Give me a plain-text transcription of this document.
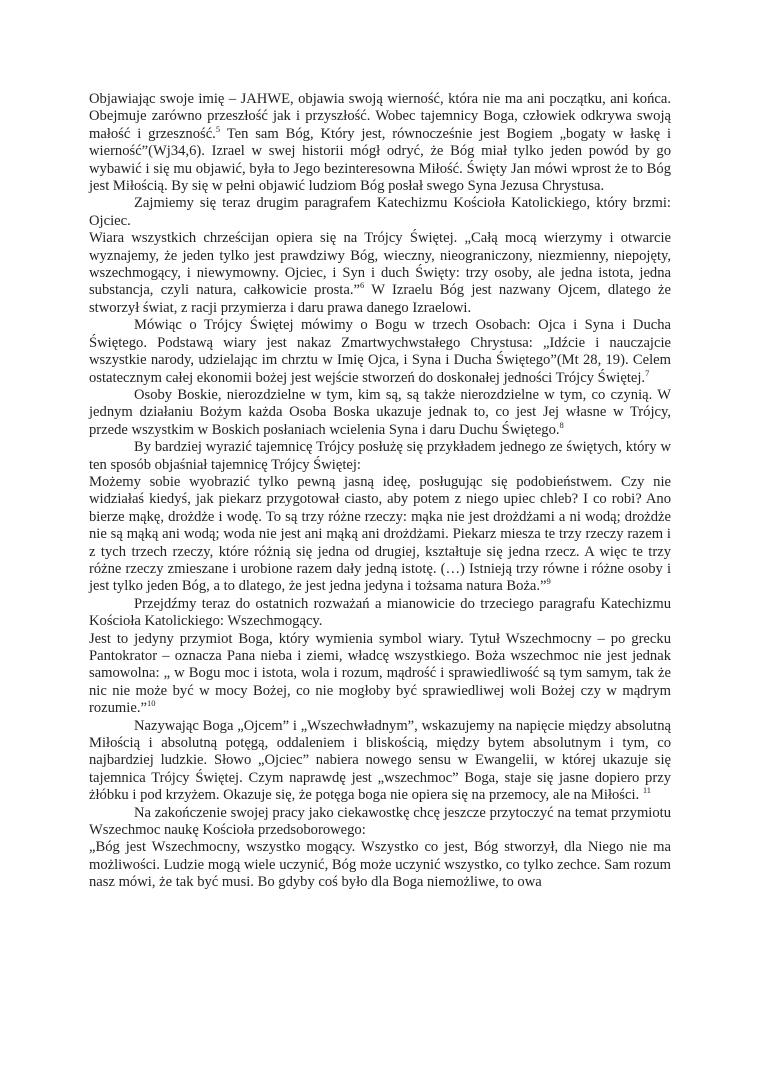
Objawiając swoje imię – JAHWE, objawia swoją wierność, która nie ma ani początku, ani końca. Obejmuje zarówno przeszłość jak i przyszłość. Wobec tajemnicy Boga, człowiek odkrywa swoją małość i grzeszność.$^5$ Ten sam Bóg, Który jest, równocześnie jest Bogiem „bogaty w łaskę i wierność”(Wj34,6). Izrael w swej historii mógł odryć, że Bóg miał tylko jeden powód by go wybawić i się mu objawić, była to Jego bezinteresowna Miłość. Święty Jan mówi wprost że to Bóg jest Miłością. By się w pełni objawić ludziom Bóg posłał swego Syna Jezusa Chrystusa.

Zajmiemy się teraz drugim paragrafem Katechizmu Kościoła Katolickiego, który brzmi: Ojciec.

Wiara wszystkich chrześcijan opiera się na Trójcy Świętej. „Całą mocą wierzymy i otwarcie wyznajemy, że jeden tylko jest prawdziwy Bóg, wieczny, nieograniczony, niezmienny, niepojęty, wszechmogący, i niewymowny. Ojciec, i Syn i duch Święty: trzy osoby, ale jedna istota, jedna substancja, czyli natura, całkowicie prosta.”$^6$ W Izraelu Bóg jest nazwany Ojcem, dlatego że stworzył świat, z racji przymierza i daru prawa danego Izraelowi.

Mówiąc o Trójcy Świętej mówimy o Bogu w trzech Osobach: Ojca i Syna i Ducha Świętego. Podstawą wiary jest nakaz Zmartwychwstałego Chrystusa: „Idźcie i nauczajcie wszystkie narody, udzielając im chrztu w Imię Ojca, i Syna i Ducha Świętego”(Mt 28, 19). Celem ostatecznym całej ekonomii bożej jest wejście stworzeń do doskonałej jedności Trójcy Świętej.$^7$

Osoby Boskie, nierozdzielne w tym, kim są, są także nierozdzielne w tym, co czynią. W jednym działaniu Bożym każda Osoba Boska ukazuje jednak to, co jest Jej własne w Trójcy, przede wszystkim w Boskich posłaniach wcielenia Syna i daru Duchu Świętego.$^8$

By bardziej wyrazić tajemnicę Trójcy posłużę się przykładem jednego ze świętych, który w ten sposób objaśniał tajemnicę Trójcy Świętej:

Możemy sobie wyobrazić tylko pewną jasną ideę, posługując się podobieństwem. Czy nie widziałaś kiedyś, jak piekarz przygotował ciasto, aby potem z niego upiec chleb? I co robi? Ano bierze mąkę, drożdże i wodę. To są trzy różne rzeczy: mąka nie jest drożdżami a ni wodą; drożdże nie są mąką ani wodą; woda nie jest ani mąką ani drożdżami. Piekarz miesza te trzy rzeczy razem i z tych trzech rzeczy, które różnią się jedna od drugiej, kształtuje się jedna rzecz. A więc te trzy różne rzeczy zmieszane i urobione razem dały jedną istotę. (…) Istnieją trzy równe i różne osoby i jest tylko jeden Bóg, a to dlatego, że jest jedna jedyna i tożsama natura Boża.”$^9$

Przejdźmy teraz do ostatnich rozważań a mianowicie do trzeciego paragrafu Katechizmu Kościoła Katolickiego: Wszechmogący.

Jest to jedyny przymiot Boga, który wymienia symbol wiary. Tytuł Wszechmocny – po grecku Pantokrator – oznacza Pana nieba i ziemi, władcę wszystkiego. Boża wszechmoc nie jest jednak samowolna: „ w Bogu moc i istota, wola i rozum, mądrość i sprawiedliwość są tym samym, tak że nic nie może być w mocy Bożej, co nie mogłoby być sprawiedliwej woli Bożej czy w mądrym rozumie.”$^{10}$

Nazywając Boga „Ojcem” i „Wszechwładnym”, wskazujemy na napięcie między absolutną Miłością i absolutną potęgą, oddaleniem i bliskością, między bytem absolutnym i tym, co najbardziej ludzkie. Słowo „Ojciec” nabiera nowego sensu w Ewangelii, w której ukazuje się tajemnica Trójcy Świętej. Czym naprawdę jest „wszechmoc” Boga, staje się jasne dopiero przy żłóbku i pod krzyżem. Okazuje się, że potęga boga nie opiera się na przemocy, ale na Miłości. $^{11}$

Na zakończenie swojej pracy jako ciekawostkę chcę jeszcze przytoczyć na temat przymiotu Wszechmoc naukę Kościoła przedsoborowego:

„Bóg jest Wszechmocny, wszystko mogący. Wszystko co jest, Bóg stworzył, dla Niego nie ma możliwości. Ludzie mogą wiele uczynić, Bóg może uczynić wszystko, co tylko zechce. Sam rozum nasz mówi, że tak być musi. Bo gdyby coś było dla Boga niemożliwe, to owa
